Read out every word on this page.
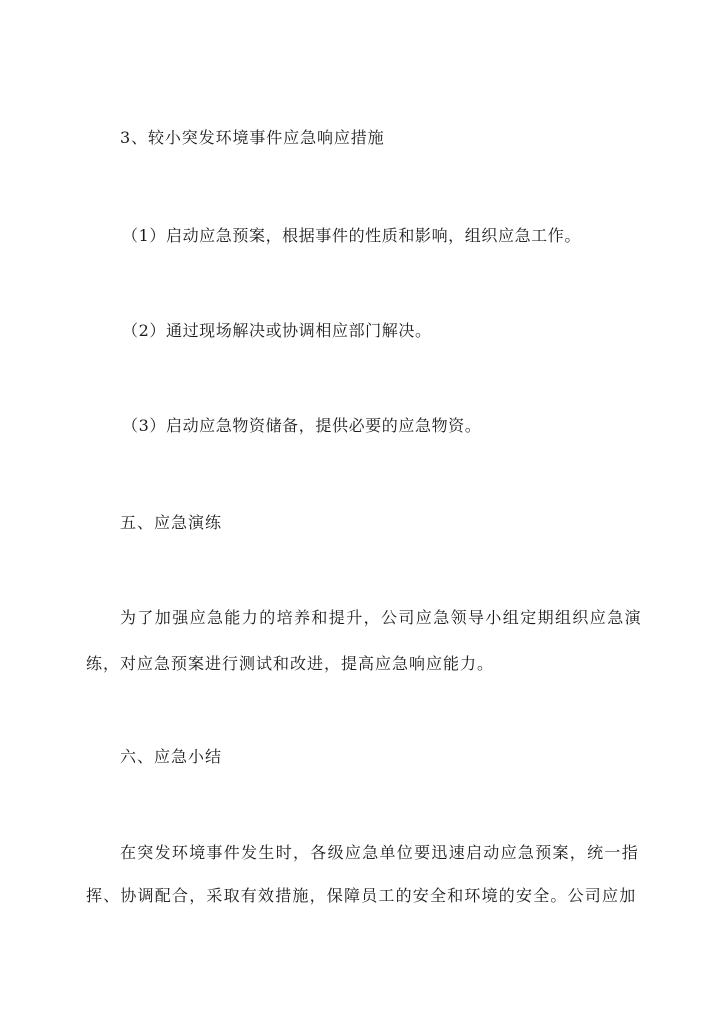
3、较小突发环境事件应急响应措施
（1）启动应急预案，根据事件的性质和影响，组织应急工作。
（2）通过现场解决或协调相应部门解决。
（3）启动应急物资储备，提供必要的应急物资。
五、应急演练
为了加强应急能力的培养和提升，公司应急领导小组定期组织应急演
练，对应急预案进行测试和改进，提高应急响应能力。
六、应急小结
在突发环境事件发生时，各级应急单位要迅速启动应急预案，统一指
挥、协调配合，采取有效措施，保障员工的安全和环境的安全。公司应加
